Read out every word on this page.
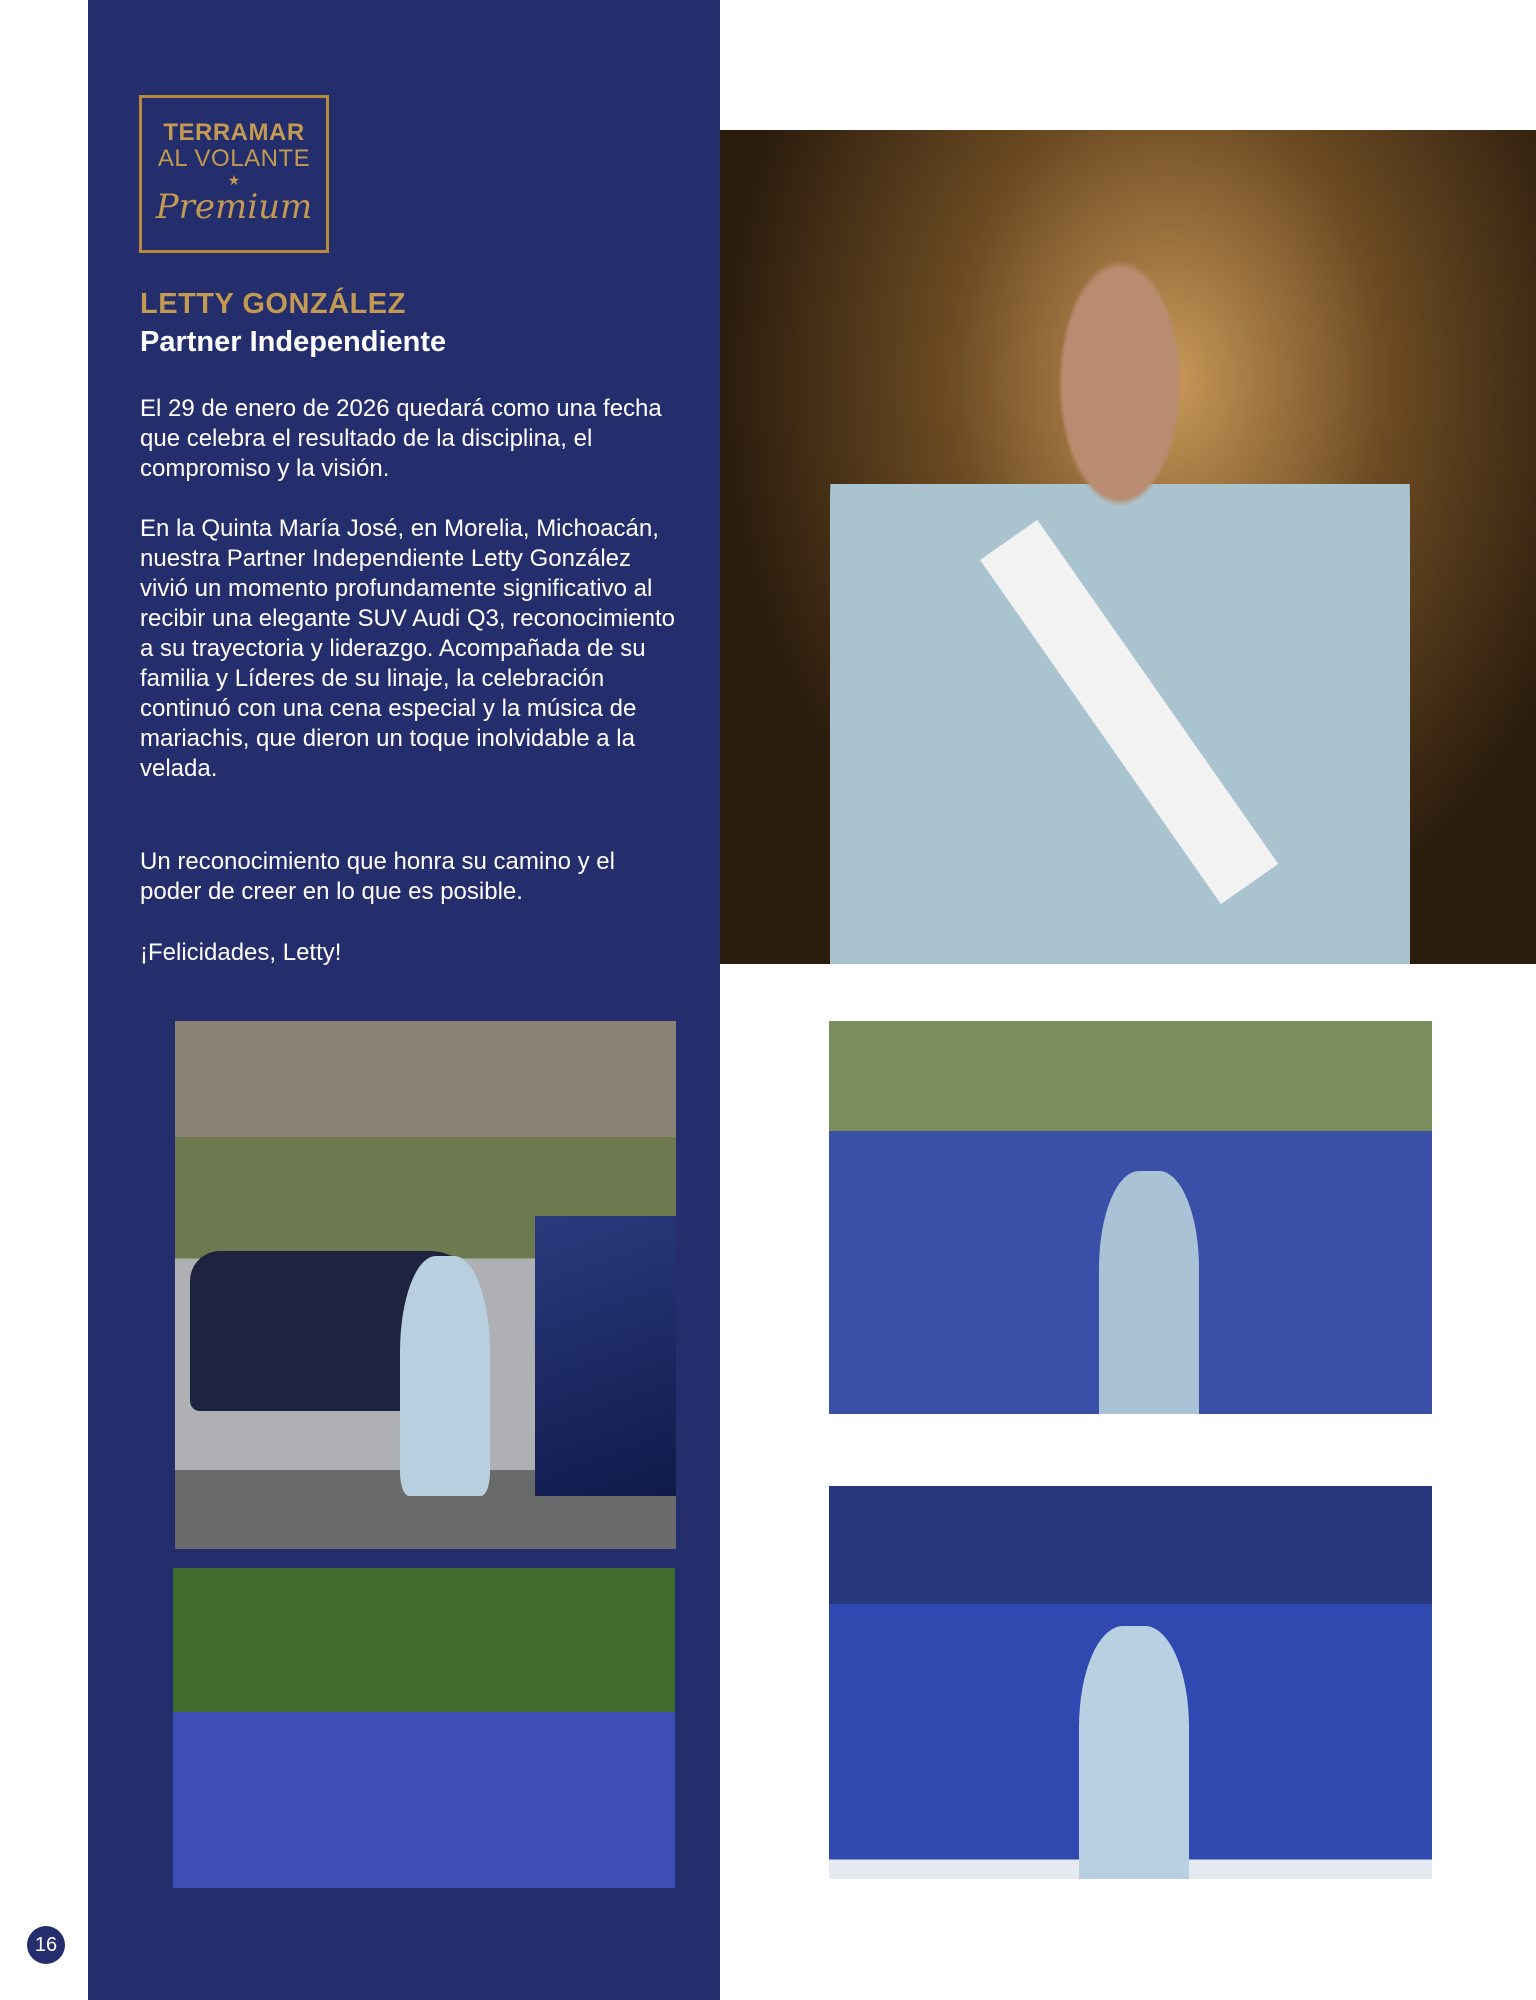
TERRAMAR
AL VOLANTE
★
Premium
LETTY GONZÁLEZ
Partner Independiente

El 29 de enero de 2026 quedará como una fecha que celebra el resultado de la disciplina, el compromiso y la visión.

En la Quinta María José, en Morelia, Michoacán, nuestra Partner Independiente Letty González vivió un momento profundamente significativo al recibir una elegante SUV Audi Q3, reconocimiento a su trayectoria y liderazgo. Acompañada de su familia y Líderes de su linaje, la celebración continuó con una cena especial y la música de mariachis, que dieron un toque inolvidable a la velada.

Un reconocimiento que honra su camino y el poder de creer en lo que es posible.

¡Felicidades, Letty!

16
